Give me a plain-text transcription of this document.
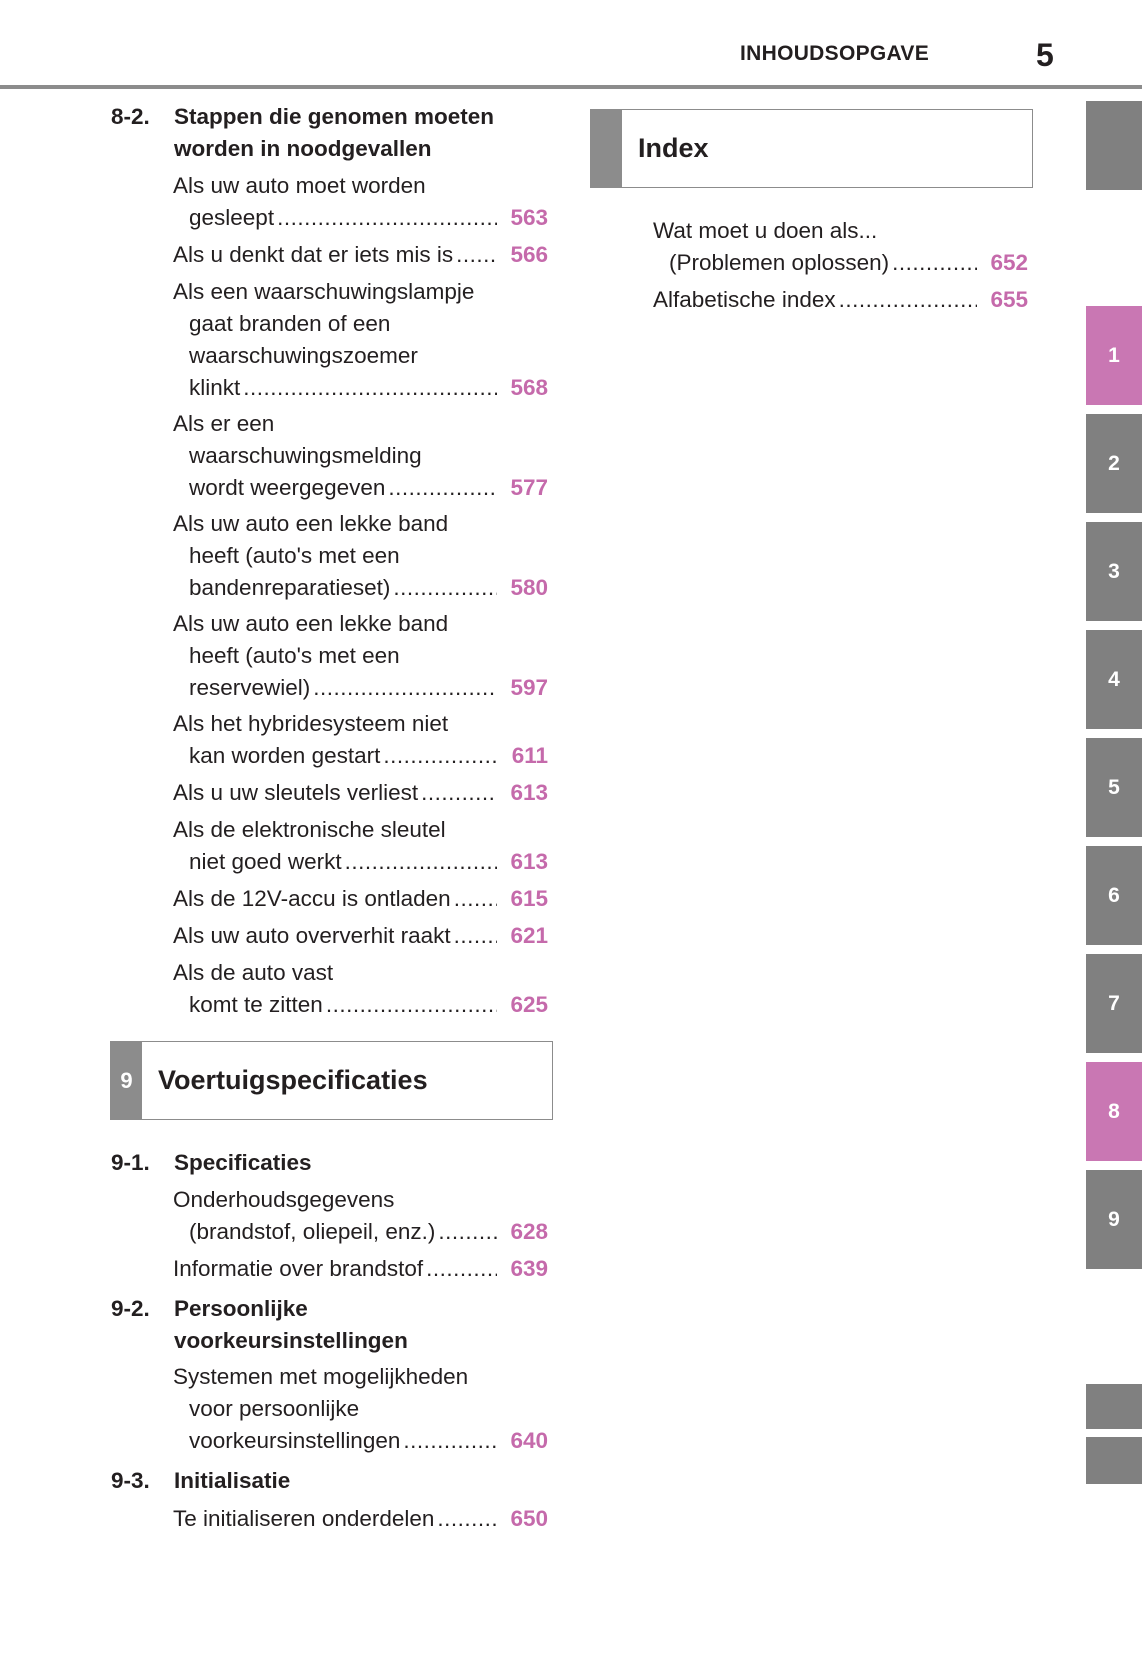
INHOUDSOPGAVE	5
8-2. Stappen die genomen moeten
worden in noodgevallen
Als uw auto moet worden
gesleept .....	563
Als u denkt dat er iets mis is .....	566
Als een waarschuwingslampje
gaat branden of een
waarschuwingszoemer
klinkt .....	568
Als er een
waarschuwingsmelding
wordt weergegeven .....	577
Als uw auto een lekke band
heeft (auto's met een
bandenreparatieset) .....	580
Als uw auto een lekke band
heeft (auto's met een
reservewiel) .....	597
Als het hybridesysteem niet
kan worden gestart .....	611
Als u uw sleutels verliest .....	613
Als de elektronische sleutel
niet goed werkt .....	613
Als de 12V-accu is ontladen .....	615
Als uw auto oververhit raakt .....	621
Als de auto vast
komt te zitten .....	625
9 Voertuigspecificaties
9-1. Specificaties
Onderhoudsgegevens
(brandstof, oliepeil, enz.) .....	628
Informatie over brandstof .....	639
9-2. Persoonlijke
voorkeursinstellingen
Systemen met mogelijkheden
voor persoonlijke
voorkeursinstellingen .....	640
9-3. Initialisatie
Te initialiseren onderdelen .....	650
Index
Wat moet u doen als...
(Problemen oplossen) .....	652
Alfabetische index .....	655
1
2
3
4
5
6
7
8
9
